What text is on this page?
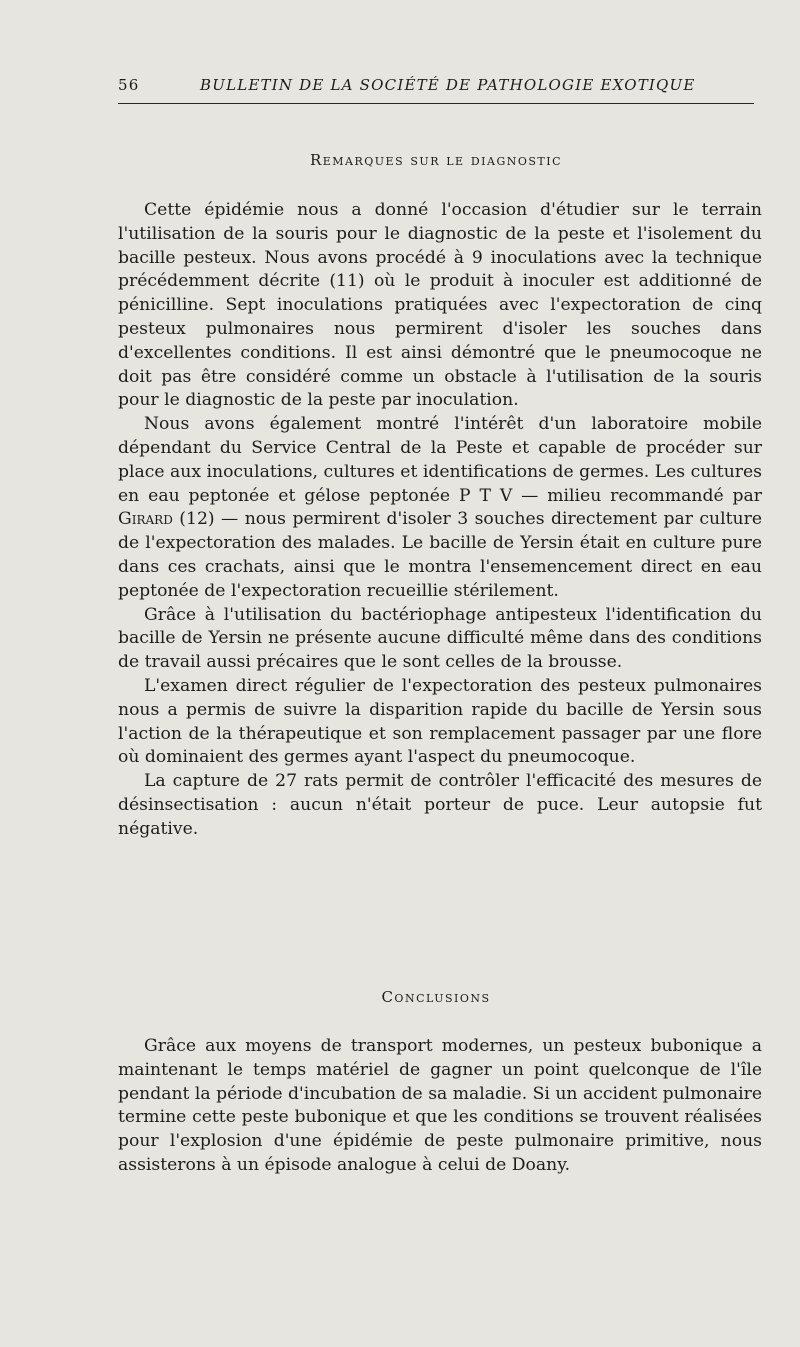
56	BULLETIN DE LA SOCIÉTÉ DE PATHOLOGIE EXOTIQUE
Remarques sur le diagnostic

Cette épidémie nous a donné l'occasion d'étudier sur le terrain l'utilisation de la souris pour le diagnostic de la peste et l'isolement du bacille pesteux. Nous avons procédé à 9 inoculations avec la technique précédemment décrite (11) où le produit à inoculer est additionné de pénicilline. Sept inoculations pratiquées avec l'expectoration de cinq pesteux pulmonaires nous permirent d'isoler les souches dans d'excellentes conditions. Il est ainsi démontré que le pneumocoque ne doit pas être considéré comme un obstacle à l'utilisation de la souris pour le diagnostic de la peste par inoculation.

Nous avons également montré l'intérêt d'un laboratoire mobile dépendant du Service Central de la Peste et capable de procéder sur place aux inoculations, cultures et identifications de germes. Les cultures en eau peptonée et gélose peptonée P T V — milieu recommandé par Girard (12) — nous permirent d'isoler 3 souches directement par culture de l'expectoration des malades. Le bacille de Yersin était en culture pure dans ces crachats, ainsi que le montra l'ensemencement direct en eau peptonée de l'expectoration recueillie stérilement.

Grâce à l'utilisation du bactériophage antipesteux l'identification du bacille de Yersin ne présente aucune difficulté même dans des conditions de travail aussi précaires que le sont celles de la brousse.

L'examen direct régulier de l'expectoration des pesteux pulmonaires nous a permis de suivre la disparition rapide du bacille de Yersin sous l'action de la thérapeutique et son remplacement passager par une flore où dominaient des germes ayant l'aspect du pneumocoque.

La capture de 27 rats permit de contrôler l'efficacité des mesures de désinsectisation : aucun n'était porteur de puce. Leur autopsie fut négative.

Conclusions

Grâce aux moyens de transport modernes, un pesteux bubonique a maintenant le temps matériel de gagner un point quelconque de l'île pendant la période d'incubation de sa maladie. Si un accident pulmonaire termine cette peste bubonique et que les conditions se trouvent réalisées pour l'explosion d'une épidémie de peste pulmonaire primitive, nous assisterons à un épisode analogue à celui de Doany.
